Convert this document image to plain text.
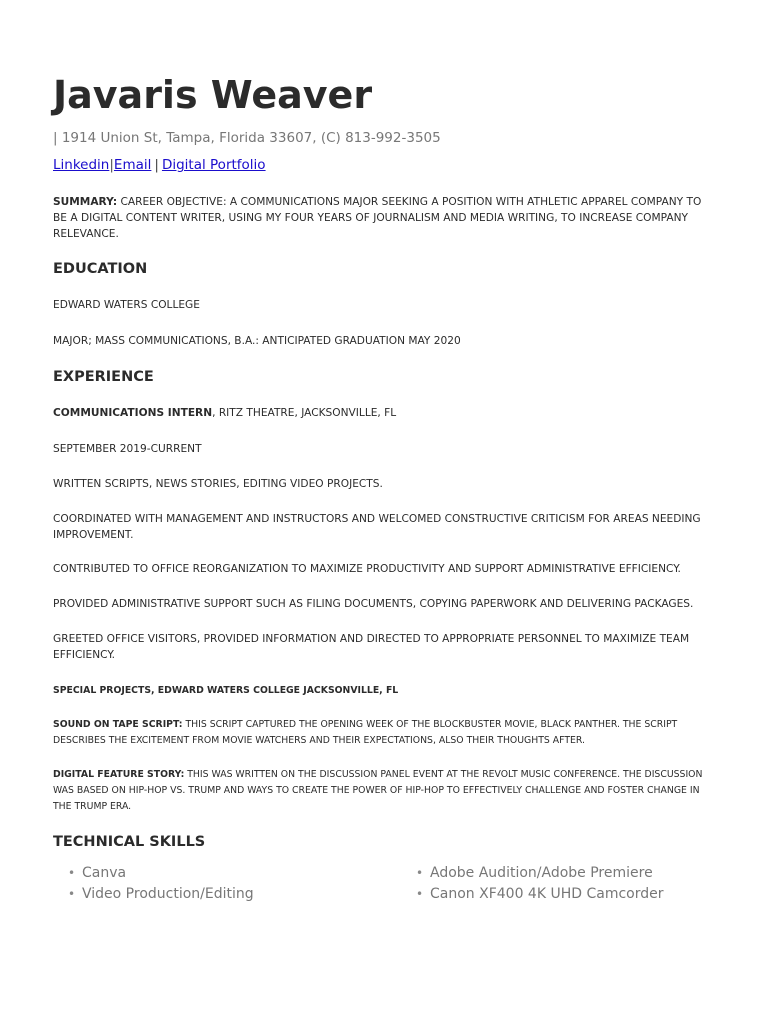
Javaris Weaver
| 1914 Union St, Tampa, Florida 33607, (C) 813-992-3505
Linkedin|Email | Digital Portfolio

SUMMARY: CAREER OBJECTIVE: A COMMUNICATIONS MAJOR SEEKING A POSITION WITH ATHLETIC APPAREL COMPANY TO BE A DIGITAL CONTENT WRITER, USING MY FOUR YEARS OF JOURNALISM AND MEDIA WRITING, TO INCREASE COMPANY RELEVANCE.

EDUCATION

EDWARD WATERS COLLEGE

MAJOR; MASS COMMUNICATIONS, B.A.: ANTICIPATED GRADUATION MAY 2020

EXPERIENCE

COMMUNICATIONS INTERN, RITZ THEATRE, JACKSONVILLE, FL

SEPTEMBER 2019-CURRENT

WRITTEN SCRIPTS, NEWS STORIES, EDITING VIDEO PROJECTS.

COORDINATED WITH MANAGEMENT AND INSTRUCTORS AND WELCOMED CONSTRUCTIVE CRITICISM FOR AREAS NEEDING IMPROVEMENT.

CONTRIBUTED TO OFFICE REORGANIZATION TO MAXIMIZE PRODUCTIVITY AND SUPPORT ADMINISTRATIVE EFFICIENCY.

PROVIDED ADMINISTRATIVE SUPPORT SUCH AS FILING DOCUMENTS, COPYING PAPERWORK AND DELIVERING PACKAGES.

GREETED OFFICE VISITORS, PROVIDED INFORMATION AND DIRECTED TO APPROPRIATE PERSONNEL TO MAXIMIZE TEAM EFFICIENCY.

SPECIAL PROJECTS, EDWARD WATERS COLLEGE JACKSONVILLE, FL

SOUND ON TAPE SCRIPT: THIS SCRIPT CAPTURED THE OPENING WEEK OF THE BLOCKBUSTER MOVIE, BLACK PANTHER. THE SCRIPT DESCRIBES THE EXCITEMENT FROM MOVIE WATCHERS AND THEIR EXPECTATIONS, ALSO THEIR THOUGHTS AFTER.

DIGITAL FEATURE STORY: THIS WAS WRITTEN ON THE DISCUSSION PANEL EVENT AT THE REVOLT MUSIC CONFERENCE. THE DISCUSSION WAS BASED ON HIP-HOP VS. TRUMP AND WAYS TO CREATE THE POWER OF HIP-HOP TO EFFECTIVELY CHALLENGE AND FOSTER CHANGE IN THE TRUMP ERA.

TECHNICAL SKILLS
• Canva
• Video Production/Editing
• Adobe Audition/Adobe Premiere
• Canon XF400 4K UHD Camcorder
